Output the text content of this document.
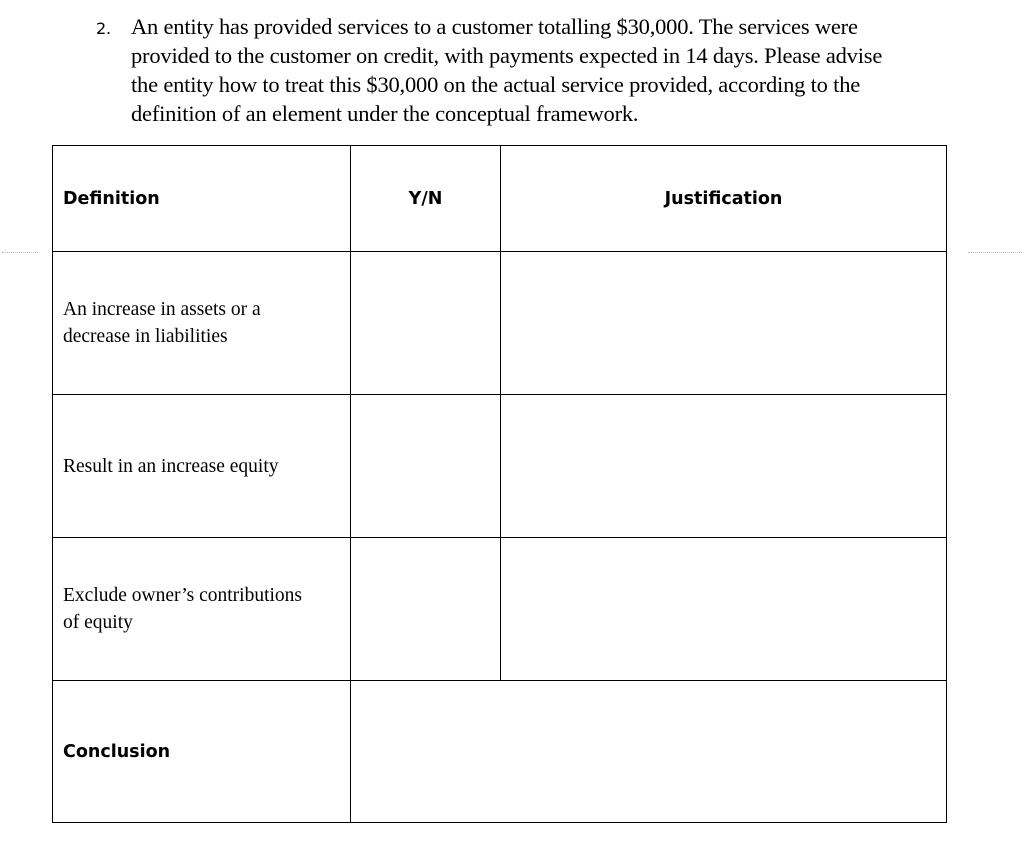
2. An entity has provided services to a customer totalling $30,000. The services were
provided to the customer on credit, with payments expected in 14 days. Please advise
the entity how to treat this $30,000 on the actual service provided, according to the
definition of an element under the conceptual framework.
Definition	Y/N	Justification

An increase in assets or a
decrease in liabilities		

Result in an increase equity		

Exclude owner’s contributions
of equity		

Conclusion		
